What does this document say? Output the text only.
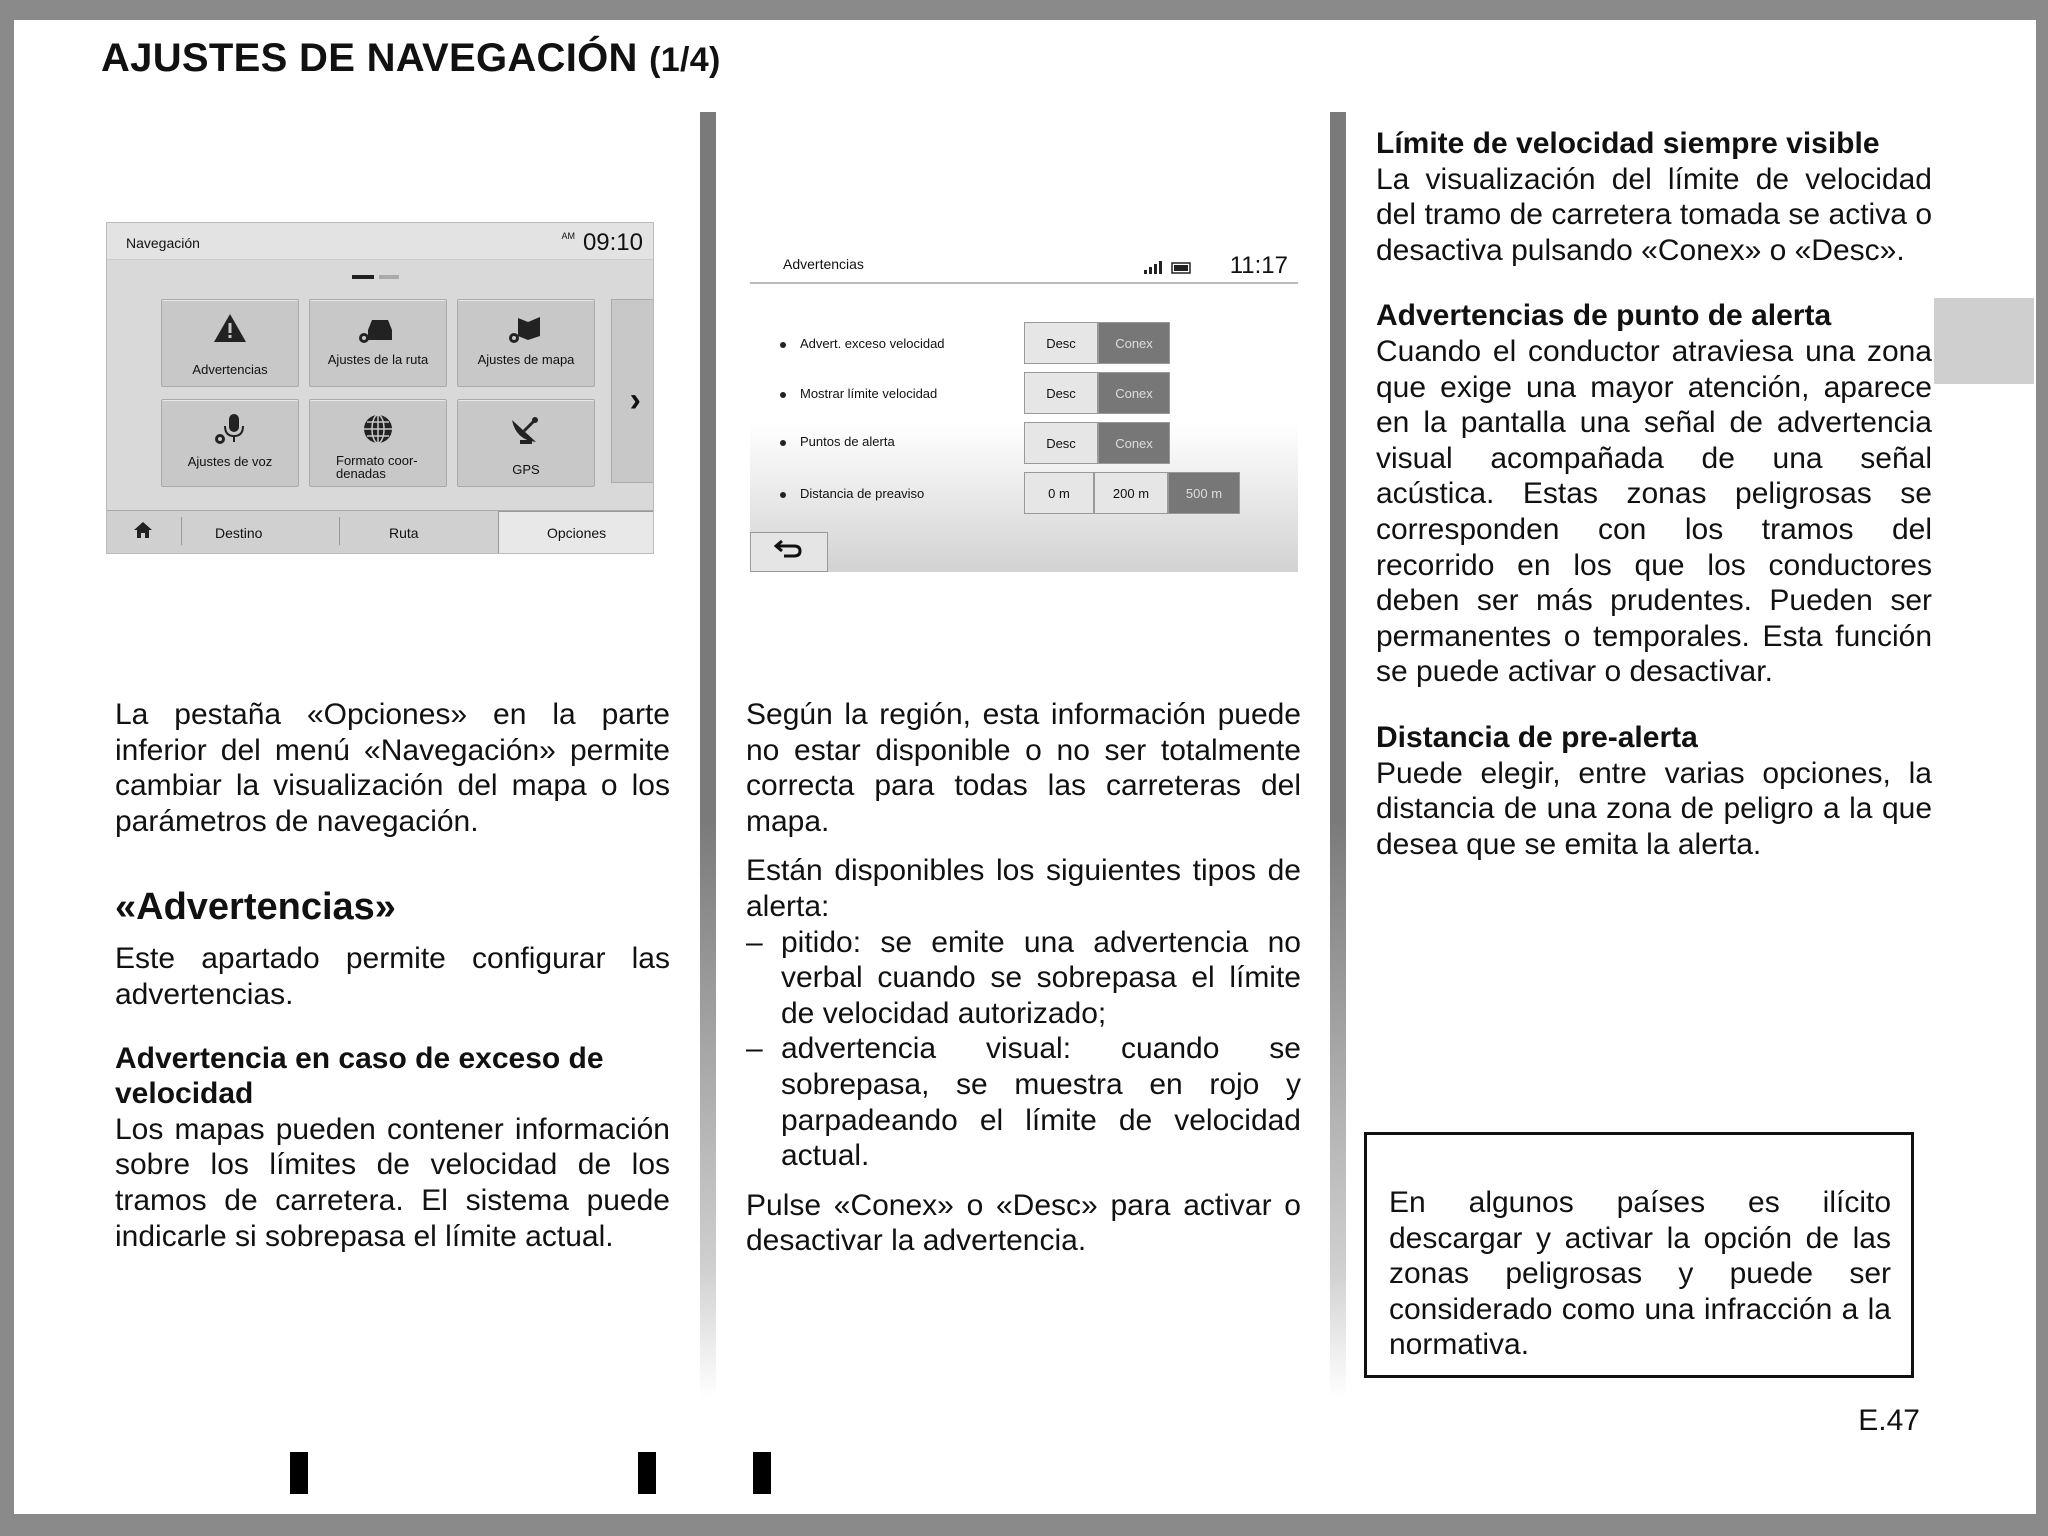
AJUSTES DE NAVEGACIÓN (1/4)
Navegación	AM 09:10
Advertencias
Ajustes de la ruta	Ajustes de mapa
Ajustes de voz	Formato coor-
denadas	GPS
›
Destino	Ruta	Opciones
Advertencias	11:17
Advert. exceso velocidad	Desc	Conex
Mostrar límite velocidad	Desc	Conex
Puntos de alerta	Desc	Conex
Distancia de preaviso	0 m	200 m	500 m

La pestaña «Opciones» en la parte inferior del menú «Navegación» permite cambiar la visualización del mapa o los parámetros de navegación.

«Advertencias»

Este apartado permite configurar las advertencias.

Advertencia en caso de exceso de velocidad

Los mapas pueden contener información sobre los límites de velocidad de los tramos de carretera. El sistema puede indicarle si sobrepasa el límite actual.

Según la región, esta información puede no estar disponible o no ser totalmente correcta para todas las carreteras del mapa.

Están disponibles los siguientes tipos de alerta:

– pitido: se emite una advertencia no verbal cuando se sobrepasa el límite de velocidad autorizado;
– advertencia visual: cuando se sobrepasa, se muestra en rojo y parpadeando el límite de velocidad actual.

Pulse «Conex» o «Desc» para activar o desactivar la advertencia.

Límite de velocidad siempre visible

La visualización del límite de velocidad del tramo de carretera tomada se activa o desactiva pulsando «Conex» o «Desc».

Advertencias de punto de alerta

Cuando el conductor atraviesa una zona que exige una mayor atención, aparece en la pantalla una señal de advertencia visual acompañada de una señal acústica. Estas zonas peligrosas se corresponden con los tramos del recorrido en los que los conductores deben ser más prudentes. Pueden ser permanentes o temporales. Esta función se puede activar o desactivar.

Distancia de pre-alerta

Puede elegir, entre varias opciones, la distancia de una zona de peligro a la que desea que se emita la alerta.

En algunos países es ilícito descargar y activar la opción de las zonas peligrosas y puede ser considerado como una infracción a la normativa.
E.47
